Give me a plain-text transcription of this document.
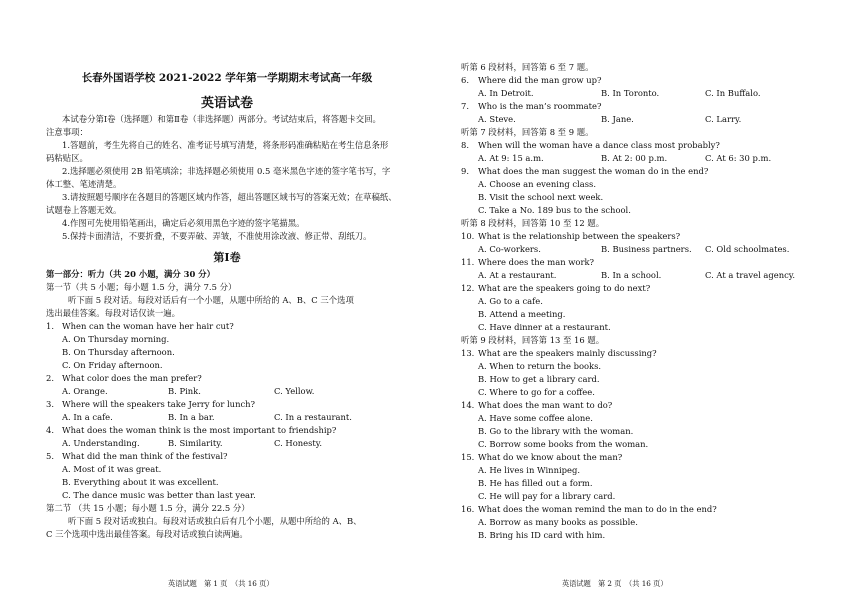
长春外国语学校 2021-2022 学年第一学期期末考试高一年级
英语试卷
本试卷分第Ⅰ卷（选择题）和第Ⅱ卷（非选择题）两部分。考试结束后，将答题卡交回。
注意事项：
1.答题前，考生先将自己的姓名、准考证号填写清楚，将条形码准确粘贴在考生信息条形
码粘贴区。
2.选择题必须使用 2B 铅笔填涂；非选择题必须使用 0.5 毫米黑色字迹的签字笔书写，字
体工整、笔迹清楚。
3.请按照题号顺序在各题目的答题区域内作答，超出答题区域书写的答案无效；在草稿纸、
试题卷上答题无效。
4.作图可先使用铅笔画出，确定后必须用黑色字迹的签字笔描黑。
5.保持卡面清洁，不要折叠，不要弄破、弄皱，不准使用涂改液、修正带、刮纸刀。
第Ⅰ卷
第一部分：听力（共 20 小题，满分 30 分）
第一节（共 5 小题；每小题 1.5 分，满分 7.5 分）
听下面 5 段对话。每段对话后有一个小题，从题中所给的 A、B、C 三个选项
选出最佳答案。每段对话仅读一遍。
1. When can the woman have her hair cut?
A. On Thursday morning.
B. On Thursday afternoon.
C. On Friday afternoon.
2. What color does the man prefer?
A. Orange.	B. Pink.	C. Yellow.
3. Where will the speakers take Jerry for lunch?
A. In a cafe.	B. In a bar.	C. In a restaurant.
4. What does the woman think is the most important to friendship?
A. Understanding.	B. Similarity.	C. Honesty.
5. What did the man think of the festival?
A. Most of it was great.
B. Everything about it was excellent.
C. The dance music was better than last year.
第二节 （共 15 小题；每小题 1.5 分，满分 22.5 分）
听下面 5 段对话或独白。每段对话或独白后有几个小题，从题中所给的 A、B、
C 三个选项中选出最佳答案。每段对话或独白读两遍。
英语试题　第 1 页　（共 16 页）
听第 6 段材料，回答第 6 至 7 题。
6. Where did the man grow up?
A. In Detroit.	B. In Toronto.	C. In Buffalo.
7. Who is the man’s roommate?
A. Steve.	B. Jane.	C. Larry.
听第 7 段材料，回答第 8 至 9 题。
8. When will the woman have a dance class most probably?
A. At 9: 15 a.m.	B. At 2: 00 p.m.	C. At 6: 30 p.m.
9. What does the man suggest the woman do in the end?
A. Choose an evening class.
B. Visit the school next week.
C. Take a No. 189 bus to the school.
听第 8 段材料，回答第 10 至 12 题。
10. What is the relationship between the speakers?
A. Co-workers.	B. Business partners. C. Old schoolmates.
11. Where does the man work?
A. At a restaurant.	B. In a school.	C. At a travel agency.
12. What are the speakers going to do next?
A. Go to a cafe.
B. Attend a meeting.
C. Have dinner at a restaurant.
听第 9 段材料，回答第 13 至 16 题。
13. What are the speakers mainly discussing?
A. When to return the books.
B. How to get a library card.
C. Where to go for a coffee.
14. What does the man want to do?
A. Have some coffee alone.
B. Go to the library with the woman.
C. Borrow some books from the woman.
15. What do we know about the man?
A. He lives in Winnipeg.
B. He has filled out a form.
C. He will pay for a library card.
16. What does the woman remind the man to do in the end?
A. Borrow as many books as possible.
B. Bring his ID card with him.
英语试题　第 2 页　（共 16 页）
